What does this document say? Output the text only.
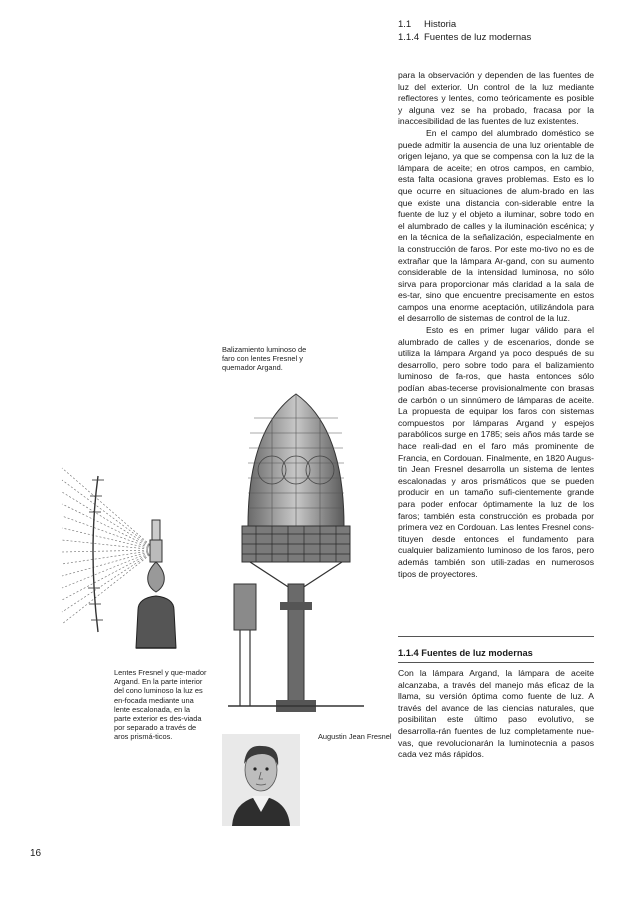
1.1 Historia
1.1.4 Fuentes de luz modernas

para la observación y dependen de las fuentes de luz del exterior. Un control de la luz mediante reflectores y lentes, como teóricamente es posible y alguna vez se ha probado, fracasa por la inaccesibilidad de las fuentes de luz existentes.

En el campo del alumbrado doméstico se puede admitir la ausencia de una luz orientable de origen lejano, ya que se compensa con la luz de la lámpara de aceite; en otros campos, en cambio, esta falta ocasiona graves problemas. Esto es lo que ocurre en situaciones de alum-brado en las que existe una distancia con-siderable entre la fuente de luz y el objeto a iluminar, sobre todo en el alumbrado de calles y la iluminación escénica; y en la técnica de la señalización, especialmente en la construcción de faros. Por este mo-tivo no es de extrañar que la lámpara Ar-gand, con su aumento considerable de la intensidad luminosa, no sólo sirva para proporcionar más claridad a la sala de es-tar, sino que encuentre precisamente en estos campos una enorme aceptación, utilizándola para el desarrollo de sistemas de control de la luz.

Esto es en primer lugar válido para el alumbrado de calles y de escenarios, donde se utiliza la lámpara Argand ya poco después de su desarrollo, pero sobre todo para el balizamiento luminoso de fa-ros, que hasta entonces sólo podían abas-tecerse provisionalmente con brasas de carbón o un sinnúmero de lámparas de aceite. La propuesta de equipar los faros con sistemas compuestos por lámparas Argand y espejos parabólicos surge en 1785; seis años más tarde se hace reali-dad en el faro más prominente de Francia, en Cordouan. Finalmente, en 1820 Augus-tin Jean Fresnel desarrolla un sistema de lentes escalonadas y aros prismáticos que se pueden producir en un tamaño sufi-cientemente grande para poder enfocar óptimamente la luz de los faros; también esta construcción es probada por primera vez en Cordouan. Las lentes Fresnel cons-tituyen desde entonces el fundamento para cualquier balizamiento luminoso de los faros, pero además también son utili-zadas en numerosos tipos de proyectores.

1.1.4 Fuentes de luz modernas

Con la lámpara Argand, la lámpara de aceite alcanzaba, a través del manejo más eficaz de la llama, su versión óptima como fuente de luz. A través del avance de las ciencias naturales, que posibilitan este último paso evolutivo, se desarrolla-rán fuentes de luz completamente nue-vas, que revolucionarán la luminotecnia a pasos cada vez más rápidos.

Balizamiento luminoso de faro con lentes Fresnel y quemador Argand.
Lentes Fresnel y que-mador Argand. En la parte interior del cono luminoso la luz es en-focada mediante una lente escalonada, en la parte exterior es des-viada por separado a través de aros prismá-ticos.	Augustin Jean Fresnel
16
